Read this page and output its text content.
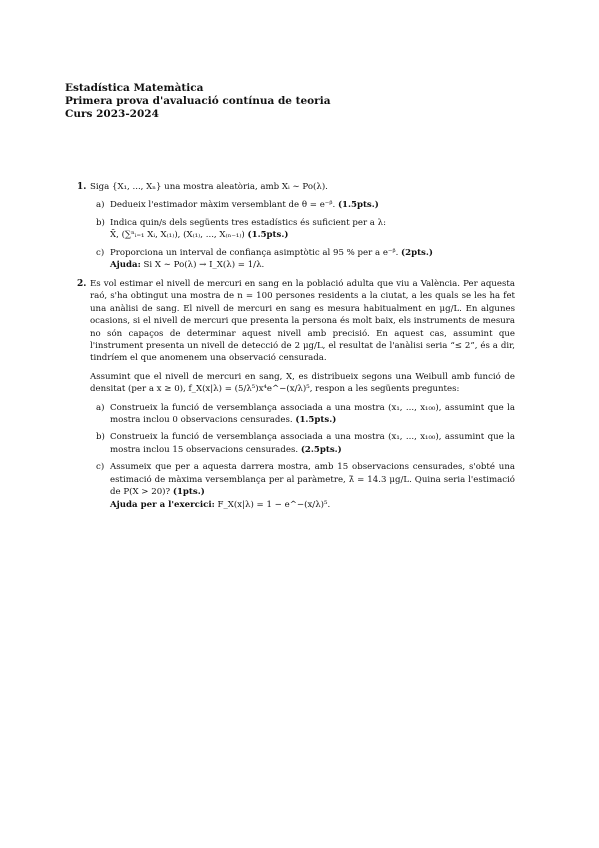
Estadística Matemàtica
Primera prova d'avaluació contínua de teoria
Curs 2023-2024
1. Siga {X₁, ..., Xₙ} una mostra aleatòria, amb Xᵢ ∼ Po(λ).

a) Dedueix l'estimador màxim versemblant de θ = e⁻ᵝ. (1.5pts.)
b) Indica quin/s dels següents tres estadístics és suficient per a λ:
X̄, (∑ⁿᵢ₌₁ Xᵢ, X₍₁₎), (X₍₁₎, ..., X₍ₙ₋₁₎) (1.5pts.)
c) Proporciona un interval de confiança asimptòtic al 95 % per a e⁻ᵝ. (2pts.)
Ajuda: Si X ∼ Po(λ) → I_X(λ) = 1/λ.
2. Es vol estimar el nivell de mercuri en sang en la població adulta que viu a València. Per aquesta raó, s'ha obtingut una mostra de n = 100 persones residents a la ciutat, a les quals se les ha fet una anàlisi de sang. El nivell de mercuri en sang es mesura habitualment en μg/L. En algunes ocasions, si el nivell de mercuri que presenta la persona és molt baix, els instruments de mesura no són capaços de determinar aquest nivell amb precisió. En aquest cas, assumint que l'instrument presenta un nivell de detecció de 2 μg/L, el resultat de l'anàlisi seria “≤ 2”, és a dir, tindríem el que anomenem una observació censurada.

Assumint que el nivell de mercuri en sang, X, es distribueix segons una Weibull amb funció de densitat (per a x ≥ 0), f_X(x|λ) = (5/λ⁵)x⁴e^−(x/λ)⁵, respon a les següents preguntes:

a) Construeix la funció de versemblança associada a una mostra (x₁, ..., x₁₀₀), assumint que la mostra inclou 0 observacions censurades. (1.5pts.)
b) Construeix la funció de versemblança associada a una mostra (x₁, ..., x₁₀₀), assumint que la mostra inclou 15 observacions censurades. (2.5pts.)
c) Assumeix que per a aquesta darrera mostra, amb 15 observacions censurades, s'obté una estimació de màxima versemblança per al paràmetre, λ̂ = 14.3 μg/L. Quina seria l'estimació de P(X > 20)? (1pts.)
Ajuda per a l'exercici: F_X(x|λ) = 1 − e^−(x/λ)⁵.
